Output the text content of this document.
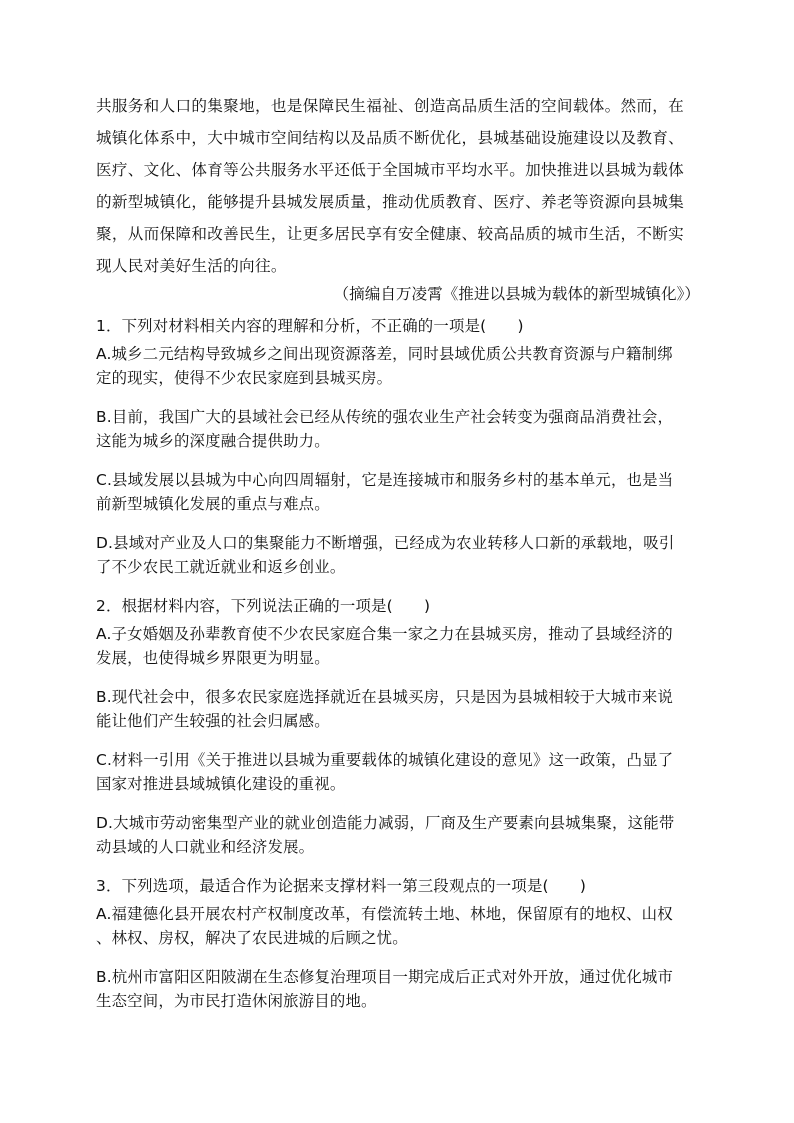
共服务和人口的集聚地，也是保障民生福祉、创造高品质生活的空间载体。然而，在
城镇化体系中，大中城市空间结构以及品质不断优化，县城基础设施建设以及教育、
医疗、文化、体育等公共服务水平还低于全国城市平均水平。加快推进以县城为载体
的新型城镇化，能够提升县城发展质量，推动优质教育、医疗、养老等资源向县城集
聚，从而保障和改善民生，让更多居民享有安全健康、较高品质的城市生活，不断实
现人民对美好生活的向往。
（摘编自万凌霄《推进以县城为载体的新型城镇化》）
1．下列对材料相关内容的理解和分析，不正确的一项是(　　)
A.城乡二元结构导致城乡之间出现资源落差，同时县域优质公共教育资源与户籍制绑
定的现实，使得不少农民家庭到县城买房。
B.目前，我国广大的县域社会已经从传统的强农业生产社会转变为强商品消费社会，
这能为城乡的深度融合提供助力。
C.县域发展以县城为中心向四周辐射，它是连接城市和服务乡村的基本单元，也是当
前新型城镇化发展的重点与难点。
D.县域对产业及人口的集聚能力不断增强，已经成为农业转移人口新的承载地，吸引
了不少农民工就近就业和返乡创业。
2．根据材料内容，下列说法正确的一项是(　　)
A.子女婚姻及孙辈教育使不少农民家庭合集一家之力在县城买房，推动了县域经济的
发展，也使得城乡界限更为明显。
B.现代社会中，很多农民家庭选择就近在县城买房，只是因为县城相较于大城市来说
能让他们产生较强的社会归属感。
C.材料一引用《关于推进以县城为重要载体的城镇化建设的意见》这一政策，凸显了
国家对推进县域城镇化建设的重视。
D.大城市劳动密集型产业的就业创造能力减弱，厂商及生产要素向县城集聚，这能带
动县域的人口就业和经济发展。
3．下列选项，最适合作为论据来支撑材料一第三段观点的一项是(　　)
A.福建德化县开展农村产权制度改革，有偿流转土地、林地，保留原有的地权、山权
、林权、房权，解决了农民进城的后顾之忧。
B.杭州市富阳区阳陂湖在生态修复治理项目一期完成后正式对外开放，通过优化城市
生态空间，为市民打造休闲旅游目的地。
